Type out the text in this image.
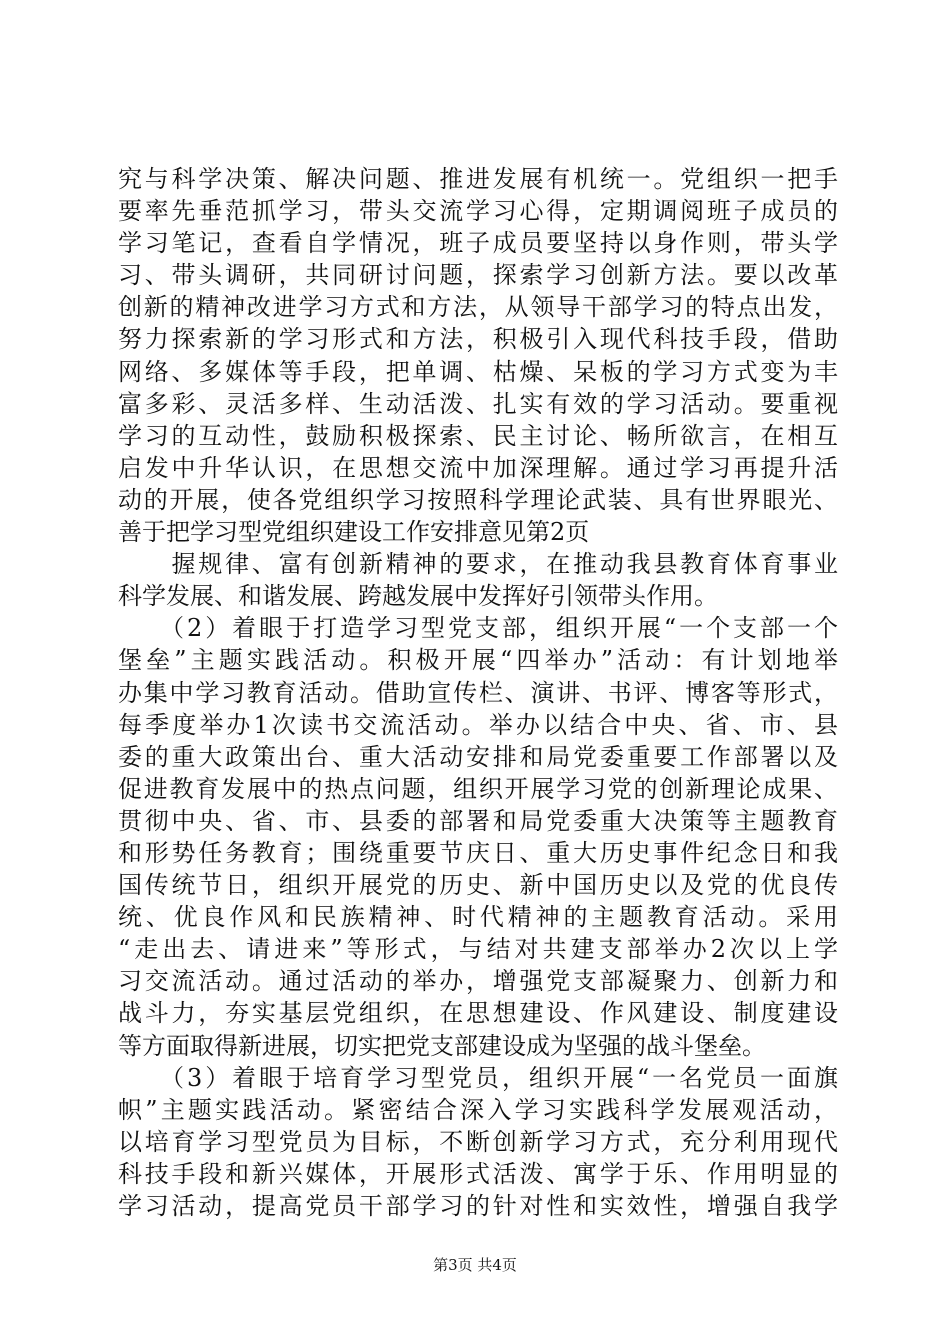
究与科学决策、解决问题、推进发展有机统一。党组织一把手
要率先垂范抓学习，带头交流学习心得，定期调阅班子成员的
学习笔记，查看自学情况，班子成员要坚持以身作则，带头学
习、带头调研，共同研讨问题，探索学习创新方法。要以改革
创新的精神改进学习方式和方法，从领导干部学习的特点出发，
努力探索新的学习形式和方法，积极引入现代科技手段，借助
网络、多媒体等手段，把单调、枯燥、呆板的学习方式变为丰
富多彩、灵活多样、生动活泼、扎实有效的学习活动。要重视
学习的互动性，鼓励积极探索、民主讨论、畅所欲言，在相互
启发中升华认识，在思想交流中加深理解。通过学习再提升活
动的开展，使各党组织学习按照科学理论武装、具有世界眼光、
善于把学习型党组织建设工作安排意见第2页
　　握规律、富有创新精神的要求，在推动我县教育体育事业
科学发展、和谐发展、跨越发展中发挥好引领带头作用。
　　（2）着眼于打造学习型党支部，组织开展“一个支部一个
堡垒”主题实践活动。积极开展“四举办”活动：有计划地举
办集中学习教育活动。借助宣传栏、演讲、书评、博客等形式，
每季度举办1次读书交流活动。举办以结合中央、省、市、县
委的重大政策出台、重大活动安排和局党委重要工作部署以及
促进教育发展中的热点问题，组织开展学习党的创新理论成果、
贯彻中央、省、市、县委的部署和局党委重大决策等主题教育
和形势任务教育；围绕重要节庆日、重大历史事件纪念日和我
国传统节日，组织开展党的历史、新中国历史以及党的优良传
统、优良作风和民族精神、时代精神的主题教育活动。采用
“走出去、请进来”等形式，与结对共建支部举办2次以上学
习交流活动。通过活动的举办，增强党支部凝聚力、创新力和
战斗力，夯实基层党组织，在思想建设、作风建设、制度建设
等方面取得新进展，切实把党支部建设成为坚强的战斗堡垒。
　　（3）着眼于培育学习型党员，组织开展“一名党员一面旗
帜”主题实践活动。紧密结合深入学习实践科学发展观活动，
以培育学习型党员为目标，不断创新学习方式，充分利用现代
科技手段和新兴媒体，开展形式活泼、寓学于乐、作用明显的
学习活动，提高党员干部学习的针对性和实效性，增强自我学
第3页 共4页
